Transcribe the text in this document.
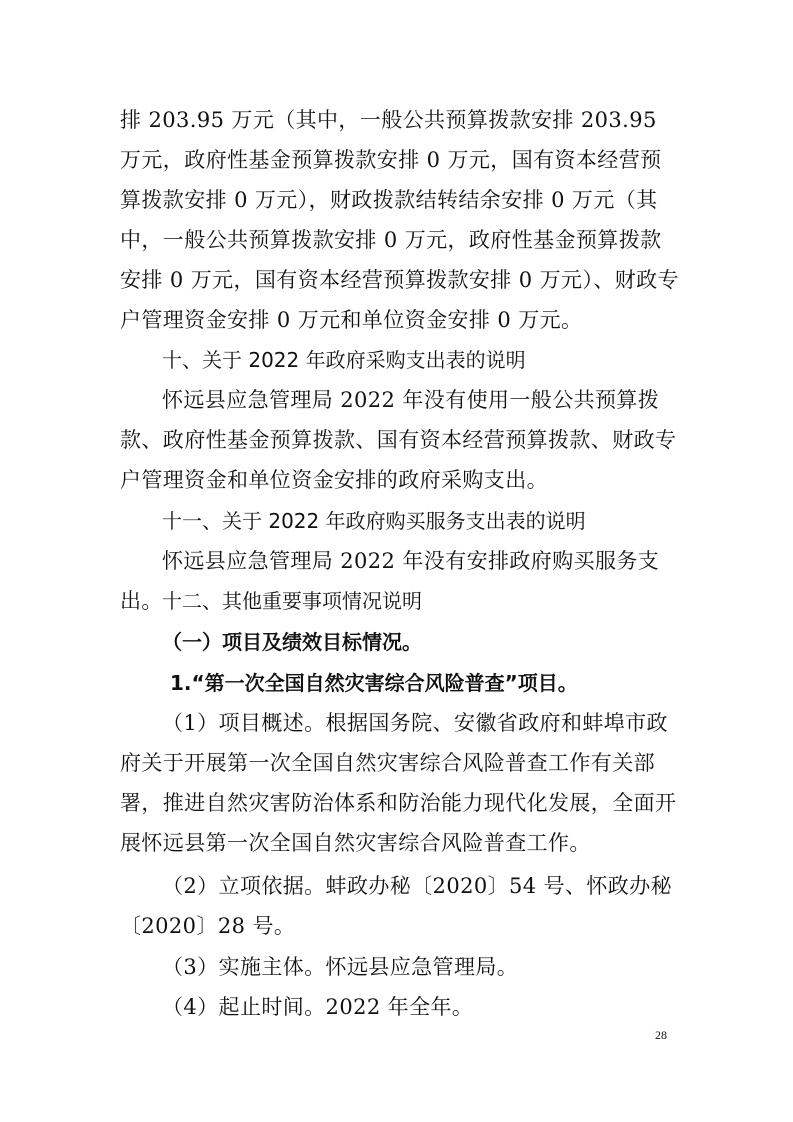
排 203.95 万元（其中，一般公共预算拨款安排 203.95 万元，政府性基金预算拨款安排 0 万元，国有资本经营预算拨款安排 0 万元），财政拨款结转结余安排 0 万元（其中，一般公共预算拨款安排 0 万元，政府性基金预算拨款安排 0 万元，国有资本经营预算拨款安排 0 万元）、财政专户管理资金安排 0 万元和单位资金安排 0 万元。

十、关于 2022 年政府采购支出表的说明

怀远县应急管理局 2022 年没有使用一般公共预算拨款、政府性基金预算拨款、国有资本经营预算拨款、财政专户管理资金和单位资金安排的政府采购支出。

十一、关于 2022 年政府购买服务支出表的说明

怀远县应急管理局 2022 年没有安排政府购买服务支出。 十二、其他重要事项情况说明

（一）项目及绩效目标情况。

1.“第一次全国自然灾害综合风险普查”项目。

（1）项目概述。根据国务院、安徽省政府和蚌埠市政府关于开展第一次全国自然灾害综合风险普查工作有关部署，推进自然灾害防治体系和防治能力现代化发展，全面开展怀远县第一次全国自然灾害综合风险普查工作。

（2）立项依据。蚌政办秘〔2020〕54 号、怀政办秘〔2020〕28 号。

（3）实施主体。怀远县应急管理局。

（4）起止时间。2022 年全年。

28
